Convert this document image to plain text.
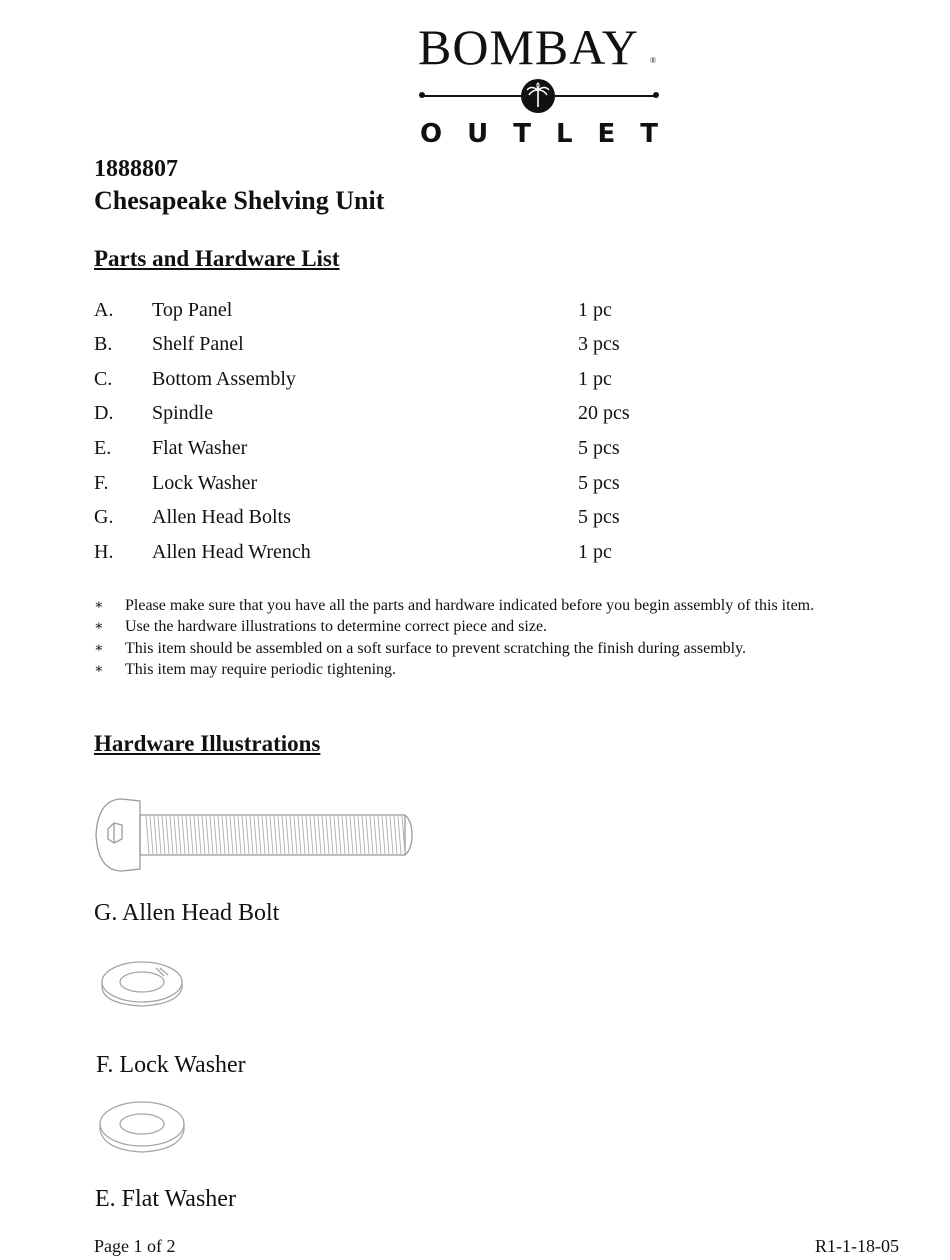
BOMBAY ®
OUTLET
1888807
Chesapeake Shelving Unit
Parts and Hardware List
A. Top Panel	1 pc
B. Shelf Panel	3 pcs
C. Bottom Assembly	1 pc
D. Spindle	20 pcs
E. Flat Washer	5 pcs
F. Lock Washer	5 pcs
G. Allen Head Bolts	5 pcs
H. Allen Head Wrench	1 pc
∗ Please make sure that you have all the parts and hardware indicated before you begin assembly of this item.
∗ Use the hardware illustrations to determine correct piece and size.
∗ This item should be assembled on a soft surface to prevent scratching the finish during assembly.
∗ This item may require periodic tightening.
Hardware Illustrations
G. Allen Head Bolt
F. Lock Washer
E. Flat Washer
Page 1 of 2	R1-1-18-05
